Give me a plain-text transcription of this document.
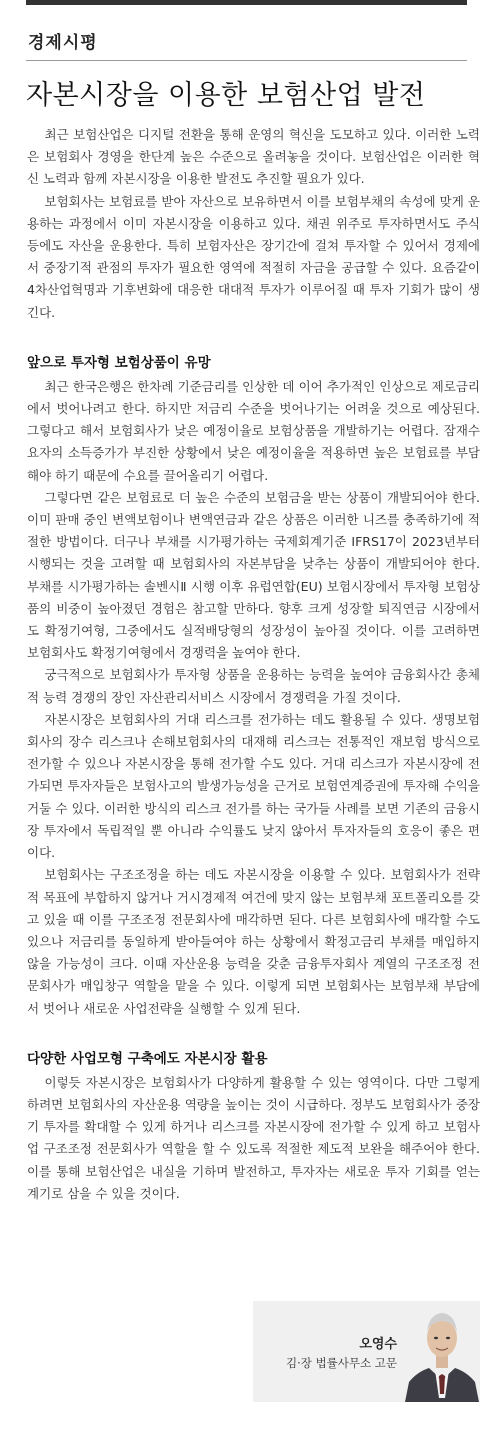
경제시평
자본시장을 이용한 보험산업 발전

최근 보험산업은 디지털 전환을 통해 운영의 혁신을 도모하고 있다. 이러한 노력은 보험회사 경영을 한단계 높은 수준으로 올려놓을 것이다. 보험산업은 이러한 혁신 노력과 함께 자본시장을 이용한 발전도 추진할 필요가 있다.

보험회사는 보험료를 받아 자산으로 보유하면서 이를 보험부채의 속성에 맞게 운용하는 과정에서 이미 자본시장을 이용하고 있다. 채권 위주로 투자하면서도 주식 등에도 자산을 운용한다. 특히 보험자산은 장기간에 걸쳐 투자할 수 있어서 경제에서 중장기적 관점의 투자가 필요한 영역에 적절히 자금을 공급할 수 있다. 요즘같이 4차산업혁명과 기후변화에 대응한 대대적 투자가 이루어질 때 투자 기회가 많이 생긴다.

앞으로 투자형 보험상품이 유망

최근 한국은행은 한차례 기준금리를 인상한 데 이어 추가적인 인상으로 제로금리에서 벗어나려고 한다. 하지만 저금리 수준을 벗어나기는 어려울 것으로 예상된다. 그렇다고 해서 보험회사가 낮은 예정이율로 보험상품을 개발하기는 어렵다. 잠재수요자의 소득증가가 부진한 상황에서 낮은 예정이율을 적용하면 높은 보험료를 부담해야 하기 때문에 수요를 끌어올리기 어렵다.

그렇다면 같은 보험료로 더 높은 수준의 보험금을 받는 상품이 개발되어야 한다. 이미 판매 중인 변액보험이나 변액연금과 같은 상품은 이러한 니즈를 충족하기에 적절한 방법이다. 더구나 부채를 시가평가하는 국제회계기준 IFRS17이 2023년부터 시행되는 것을 고려할 때 보험회사의 자본부담을 낮추는 상품이 개발되어야 한다. 부채를 시가평가하는 솔벤시Ⅱ 시행 이후 유럽연합(EU) 보험시장에서 투자형 보험상품의 비중이 높아졌던 경험은 참고할 만하다. 향후 크게 성장할 퇴직연금 시장에서도 확정기여형, 그중에서도 실적배당형의 성장성이 높아질 것이다. 이를 고려하면 보험회사도 확정기여형에서 경쟁력을 높여야 한다.

궁극적으로 보험회사가 투자형 상품을 운용하는 능력을 높여야 금융회사간 총체적 능력 경쟁의 장인 자산관리서비스 시장에서 경쟁력을 가질 것이다.

자본시장은 보험회사의 거대 리스크를 전가하는 데도 활용될 수 있다. 생명보험회사의 장수 리스크나 손해보험회사의 대재해 리스크는 전통적인 재보험 방식으로 전가할 수 있으나 자본시장을 통해 전가할 수도 있다. 거대 리스크가 자본시장에 전가되면 투자자들은 보험사고의 발생가능성을 근거로 보험연계증권에 투자해 수익을 거둘 수 있다. 이러한 방식의 리스크 전가를 하는 국가들 사례를 보면 기존의 금융시장 투자에서 독립적일 뿐 아니라 수익률도 낮지 않아서 투자자들의 호응이 좋은 편이다.

보험회사는 구조조정을 하는 데도 자본시장을 이용할 수 있다. 보험회사가 전략적 목표에 부합하지 않거나 거시경제적 여건에 맞지 않는 보험부채 포트폴리오를 갖고 있을 때 이를 구조조정 전문회사에 매각하면 된다. 다른 보험회사에 매각할 수도 있으나 저금리를 동일하게 받아들여야 하는 상황에서 확정고금리 부채를 매입하지 않을 가능성이 크다. 이때 자산운용 능력을 갖춘 금융투자회사 계열의 구조조정 전문회사가 매입창구 역할을 맡을 수 있다. 이렇게 되면 보험회사는 보험부채 부담에서 벗어나 새로운 사업전략을 실행할 수 있게 된다.

다양한 사업모형 구축에도 자본시장 활용

이렇듯 자본시장은 보험회사가 다양하게 활용할 수 있는 영역이다. 다만 그렇게 하려면 보험회사의 자산운용 역량을 높이는 것이 시급하다. 정부도 보험회사가 중장기 투자를 확대할 수 있게 하거나 리스크를 자본시장에 전가할 수 있게 하고 보험사업 구조조정 전문회사가 역할을 할 수 있도록 적절한 제도적 보완을 해주어야 한다. 이를 통해 보험산업은 내실을 기하며 발전하고, 투자자는 새로운 투자 기회를 얻는 계기로 삼을 수 있을 것이다.

오영수
김·장 법률사무소 고문
